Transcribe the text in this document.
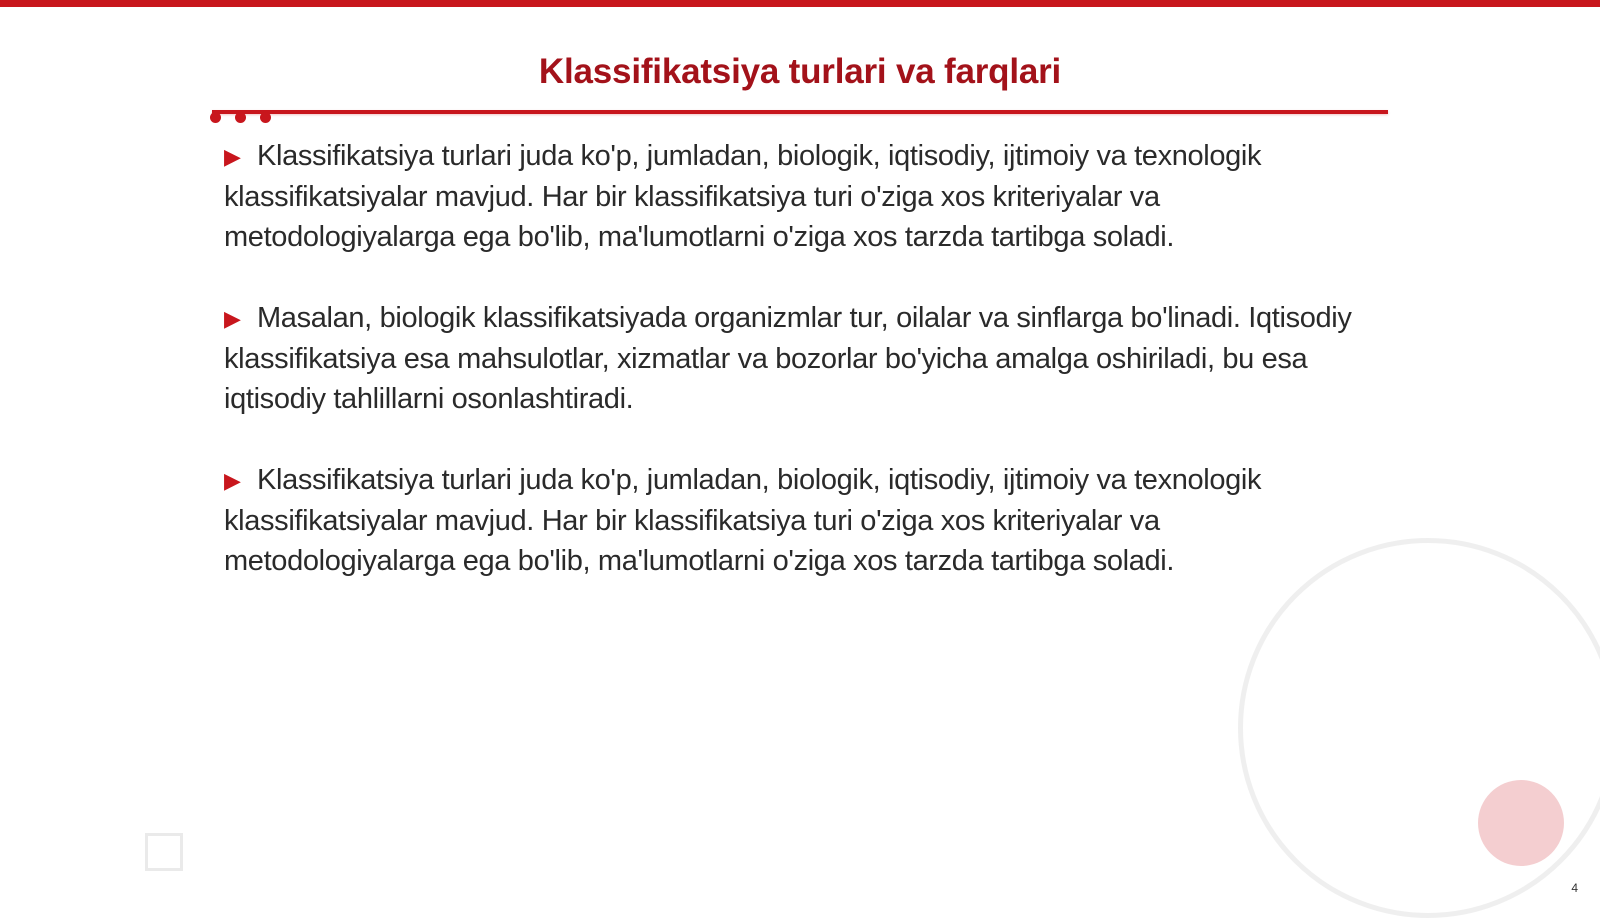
Klassifikatsiya turlari va farqlari

▶ Klassifikatsiya turlari juda ko'p, jumladan, biologik, iqtisodiy, ijtimoiy va texnologik klassifikatsiyalar mavjud. Har bir klassifikatsiya turi o'ziga xos kriteriyalar va metodologiyalarga ega bo'lib, ma'lumotlarni o'ziga xos tarzda tartibga soladi.

▶ Masalan, biologik klassifikatsiyada organizmlar tur, oilalar va sinflarga bo'linadi. Iqtisodiy klassifikatsiya esa mahsulotlar, xizmatlar va bozorlar bo'yicha amalga oshiriladi, bu esa iqtisodiy tahlillarni osonlashtiradi.

▶ Klassifikatsiya turlari juda ko'p, jumladan, biologik, iqtisodiy, ijtimoiy va texnologik klassifikatsiyalar mavjud. Har bir klassifikatsiya turi o'ziga xos kriteriyalar va metodologiyalarga ega bo'lib, ma'lumotlarni o'ziga xos tarzda tartibga soladi.

4
